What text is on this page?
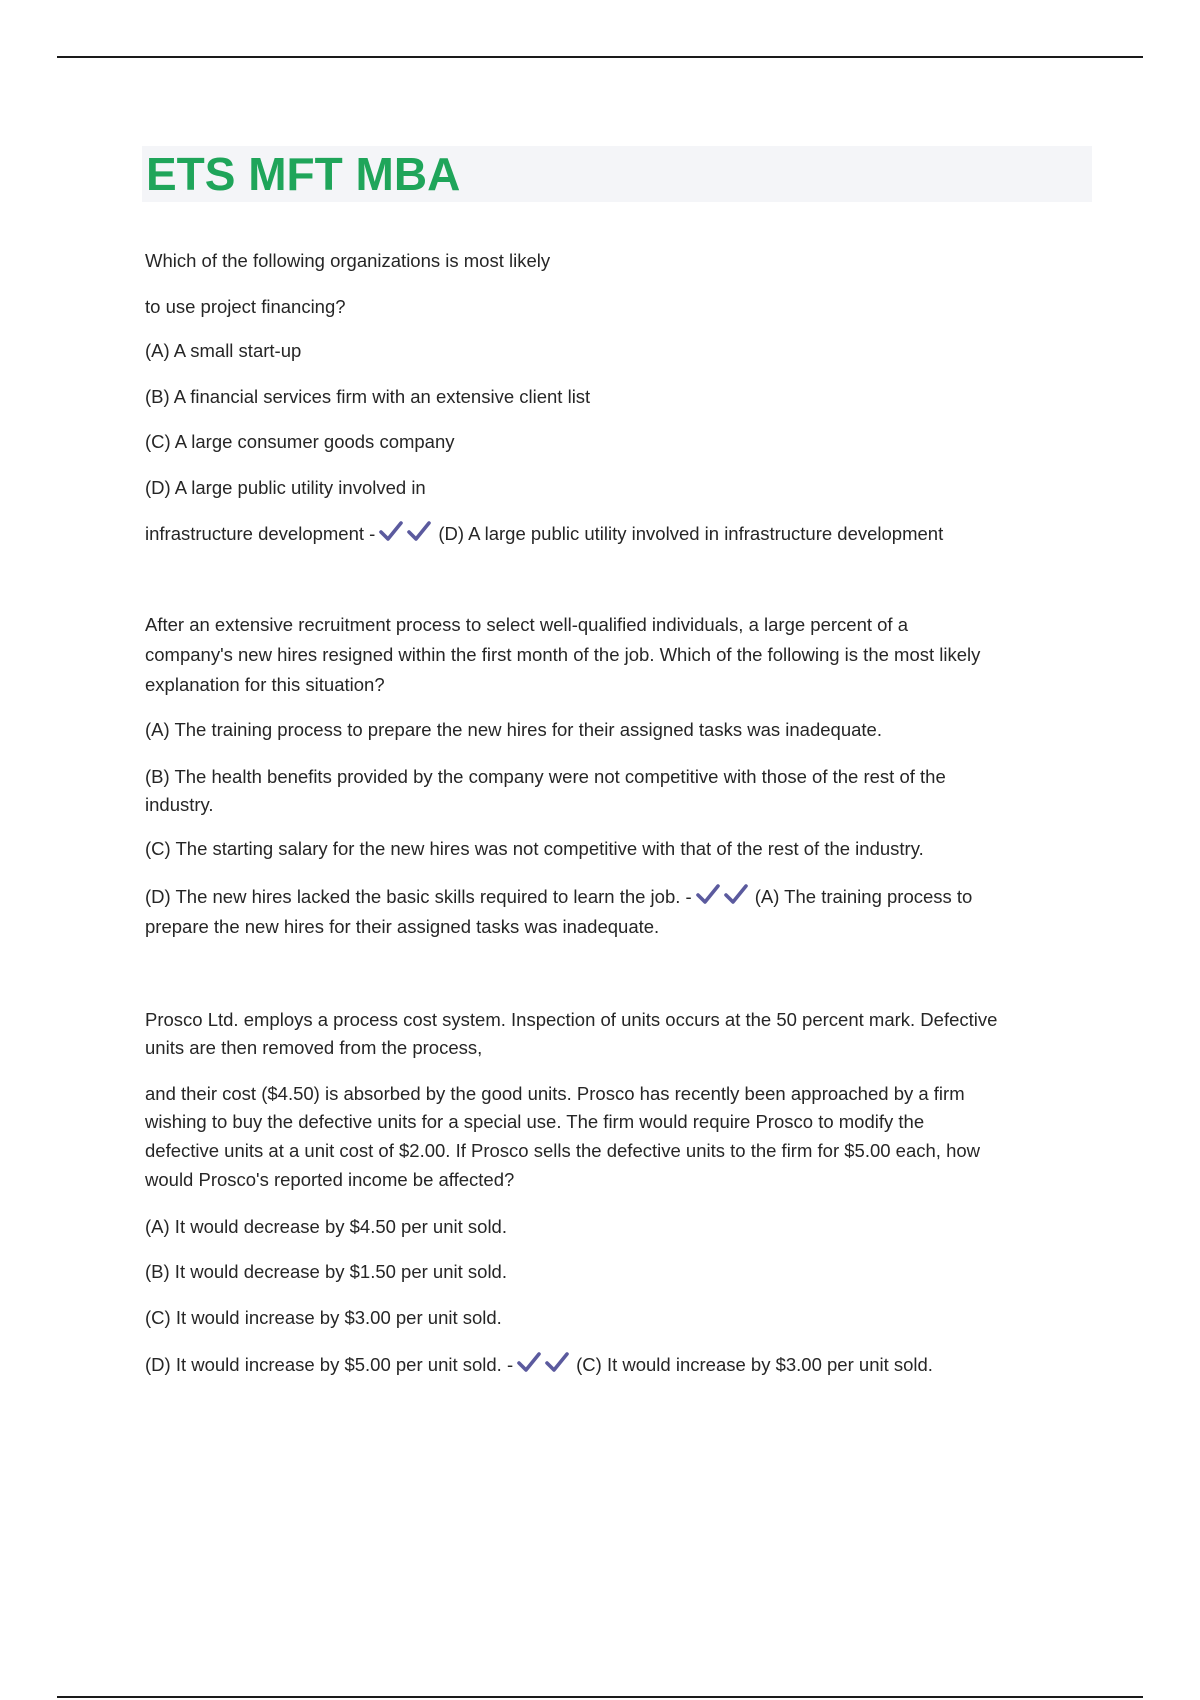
ETS MFT MBA
Which of the following organizations is most likely
to use project financing?
(A) A small start-up
(B) A financial services firm with an extensive client list
(C) A large consumer goods company
(D) A large public utility involved in
infrastructure development -	(D) A large public utility involved in infrastructure development
After an extensive recruitment process to select well-qualified individuals, a large percent of a
company's new hires resigned within the first month of the job. Which of the following is the most likely
explanation for this situation?
(A) The training process to prepare the new hires for their assigned tasks was inadequate.
(B) The health benefits provided by the company were not competitive with those of the rest of the
industry.
(C) The starting salary for the new hires was not competitive with that of the rest of the industry.
(D) The new hires lacked the basic skills required to learn the job. -	(A) The training process to
prepare the new hires for their assigned tasks was inadequate.
Prosco Ltd. employs a process cost system. Inspection of units occurs at the 50 percent mark. Defective
units are then removed from the process,
and their cost ($4.50) is absorbed by the good units. Prosco has recently been approached by a firm
wishing to buy the defective units for a special use. The firm would require Prosco to modify the
defective units at a unit cost of $2.00. If Prosco sells the defective units to the firm for $5.00 each, how
would Prosco's reported income be affected?
(A) It would decrease by $4.50 per unit sold.
(B) It would decrease by $1.50 per unit sold.
(C) It would increase by $3.00 per unit sold.
(D) It would increase by $5.00 per unit sold. -	(C) It would increase by $3.00 per unit sold.
